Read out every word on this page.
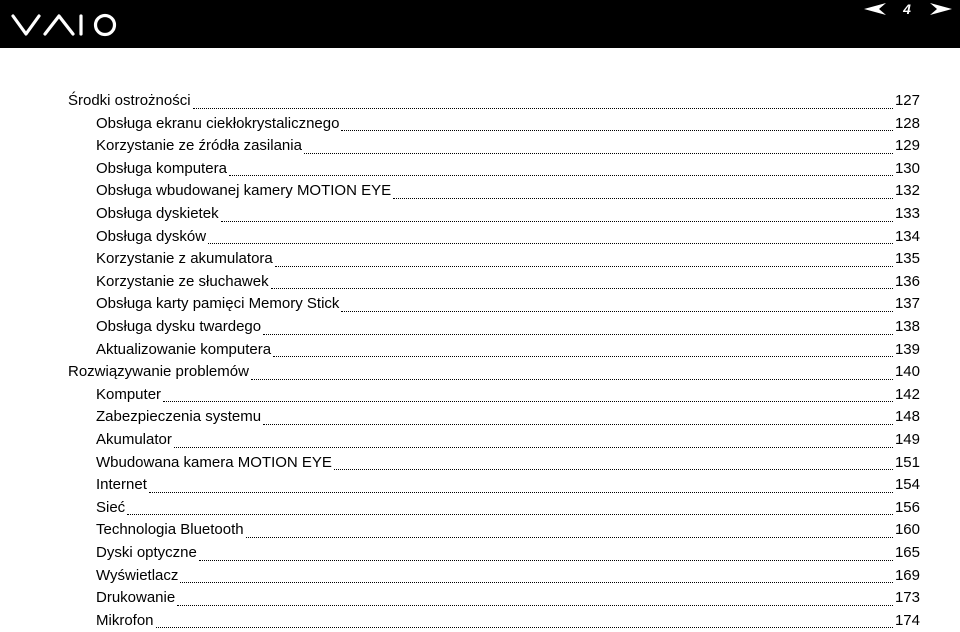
4
Środki ostrożności	127
Obsługa ekranu ciekłokrystalicznego	128
Korzystanie ze źródła zasilania	129
Obsługa komputera	130
Obsługa wbudowanej kamery MOTION EYE	132
Obsługa dyskietek	133
Obsługa dysków	134
Korzystanie z akumulatora	135
Korzystanie ze słuchawek	136
Obsługa karty pamięci Memory Stick	137
Obsługa dysku twardego	138
Aktualizowanie komputera	139
Rozwiązywanie problemów	140
Komputer	142
Zabezpieczenia systemu	148
Akumulator	149
Wbudowana kamera MOTION EYE	151
Internet	154
Sieć	156
Technologia Bluetooth	160
Dyski optyczne	165
Wyświetlacz	169
Drukowanie	173
Mikrofon	174
